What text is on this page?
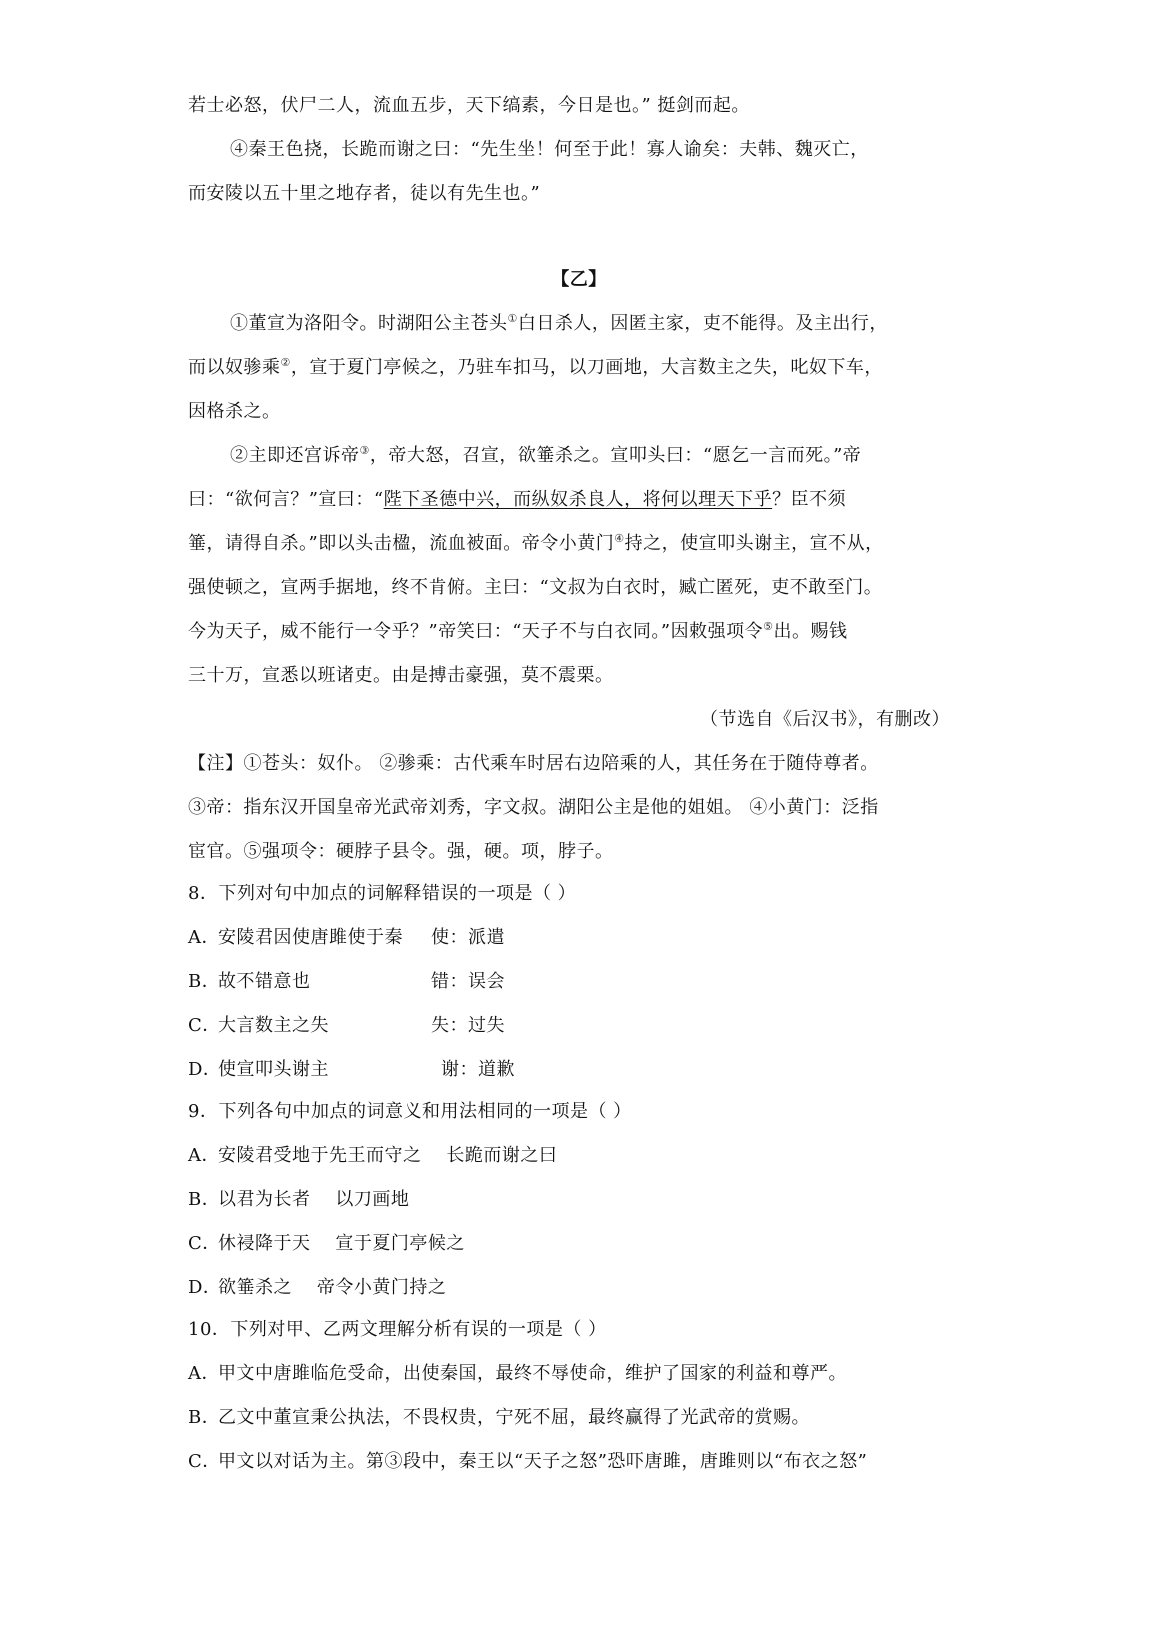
若士必怒，伏尸二人，流血五步，天下缟素，今日是也。” 挺剑而起。
④秦王色挠，长跪而谢之曰：“先生坐！何至于此！寡人谕矣：夫韩、魏灭亡，
而安陵以五十里之地存者，徒以有先生也。”
【乙】
①董宣为洛阳令。时湖阳公主苍头①白日杀人，因匿主家，吏不能得。及主出行，
而以奴骖乘②，宣于夏门亭候之，乃驻车扣马，以刀画地，大言数主之失，叱奴下车，
因格杀之。
②主即还宫诉帝③，帝大怒，召宣，欲箠杀之。宣叩头曰：“愿乞一言而死。”帝
曰：“欲何言？”宣曰：“陛下圣德中兴，而纵奴杀良人，将何以理天下乎？臣不须
箠，请得自杀。”即以头击楹，流血被面。帝令小黄门④持之，使宣叩头谢主，宣不从，
强使顿之，宣两手据地，终不肯俯。主曰：“文叔为白衣时，臧亡匿死，吏不敢至门。
今为天子，威不能行一令乎？”帝笑曰：“天子不与白衣同。”因敕强项令⑤出。赐钱
三十万，宣悉以班诸吏。由是搏击豪强，莫不震栗。
（节选自《后汉书》，有删改）
【注】①苍头：奴仆。 ②骖乘：古代乘车时居右边陪乘的人，其任务在于随侍尊者。
③帝：指东汉开国皇帝光武帝刘秀，字文叔。湖阳公主是他的姐姐。 ④小黄门：泛指
宦官。⑤强项令：硬脖子县令。强，硬。项，脖子。
8．下列对句中加点的词解释错误的一项是（ ）
A．安陵君因使唐雎使于秦 使：派遣
B．故不错意也	错：误会
C．大言数主之失	失：过失
D．使宣叩头谢主	谢：道歉
9．下列各句中加点的词意义和用法相同的一项是（ ）
A．安陵君受地于先王而守之    长跪而谢之曰
B．以君为长者    以刀画地
C．休祲降于天    宣于夏门亭候之
D．欲箠杀之    帝令小黄门持之
10．下列对甲、乙两文理解分析有误的一项是（ ）
A．甲文中唐雎临危受命，出使秦国，最终不辱使命，维护了国家的利益和尊严。
B．乙文中董宣秉公执法，不畏权贵，宁死不屈，最终赢得了光武帝的赏赐。
C．甲文以对话为主。第③段中，秦王以“天子之怒”恐吓唐雎，唐雎则以“布衣之怒”
